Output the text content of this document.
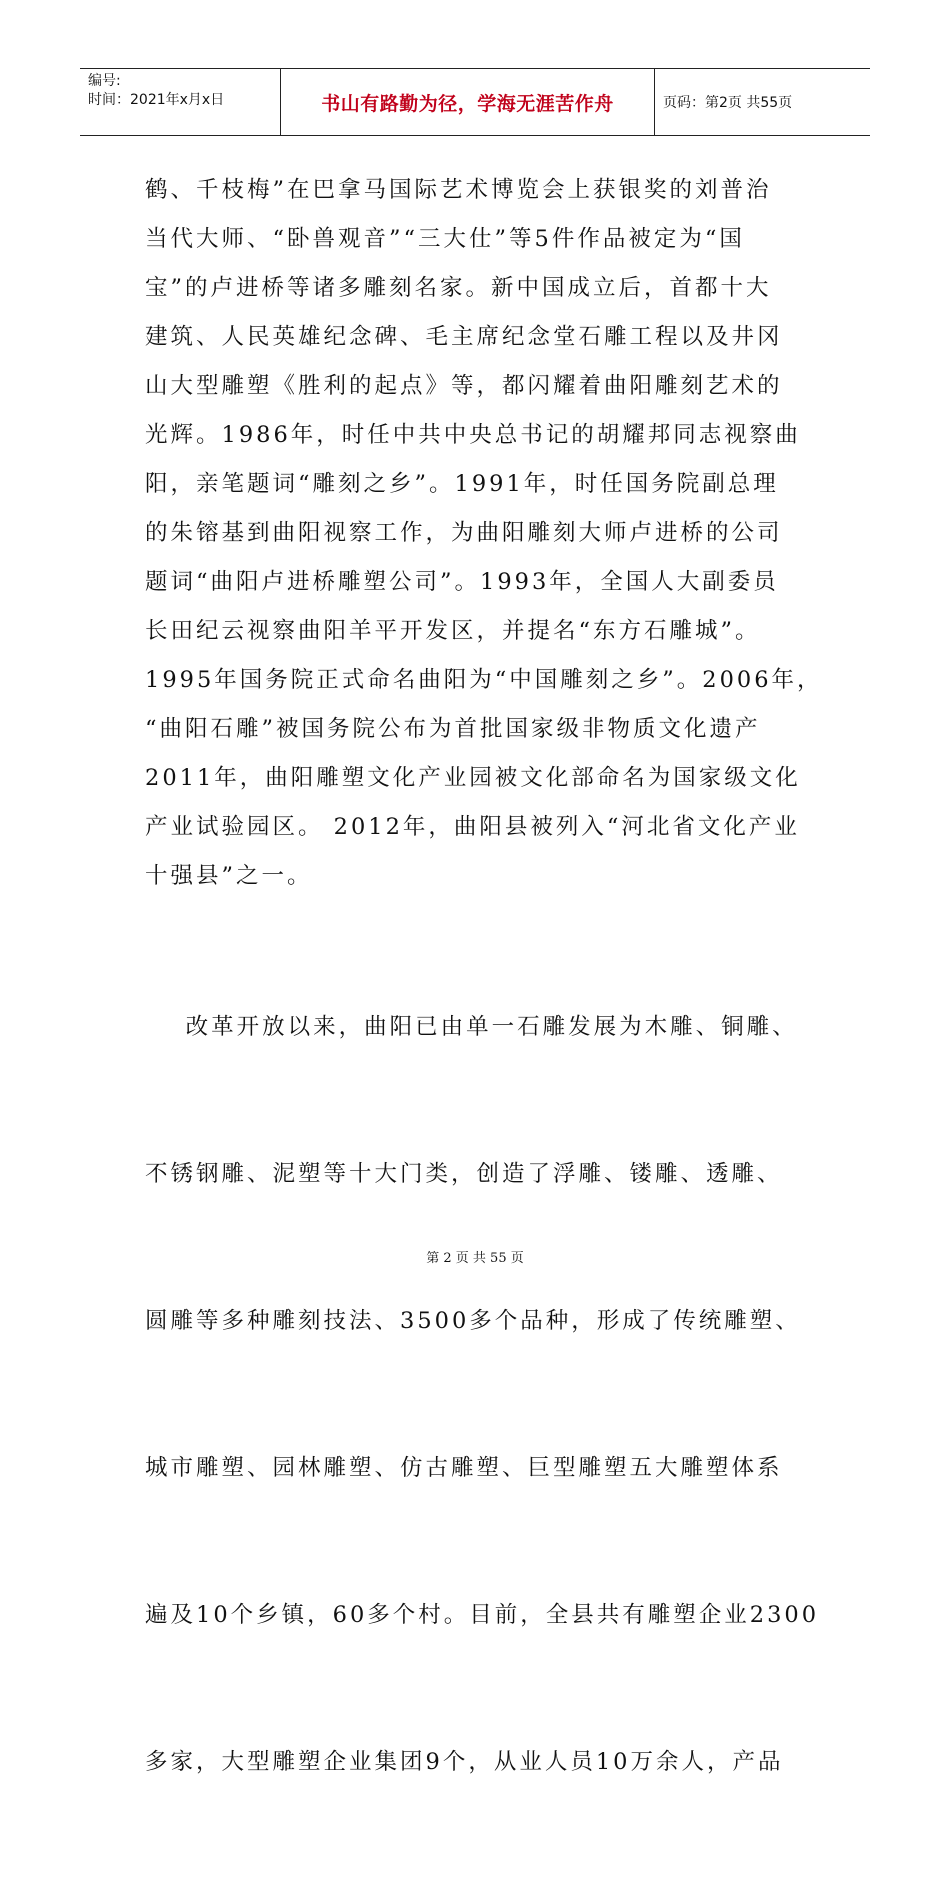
编号:
时间：2021年x月x日	书山有路勤为径，学海无涯苦作舟	页码：第2页 共55页
鹤、千枝梅”在巴拿马国际艺术博览会上获银奖的刘普治
当代大师、“卧兽观音”“三大仕”等5件作品被定为“国
宝”的卢进桥等诸多雕刻名家。新中国成立后，首都十大
建筑、人民英雄纪念碑、毛主席纪念堂石雕工程以及井冈
山大型雕塑《胜利的起点》等，都闪耀着曲阳雕刻艺术的
光辉。1986年，时任中共中央总书记的胡耀邦同志视察曲
阳，亲笔题词“雕刻之乡”。1991年，时任国务院副总理
的朱镕基到曲阳视察工作，为曲阳雕刻大师卢进桥的公司
题词“曲阳卢进桥雕塑公司”。1993年，全国人大副委员
长田纪云视察曲阳羊平开发区，并提名“东方石雕城”。
1995年国务院正式命名曲阳为“中国雕刻之乡”。2006年，
“曲阳石雕”被国务院公布为首批国家级非物质文化遗产
2011年，曲阳雕塑文化产业园被文化部命名为国家级文化
产业试验园区。 2012年，曲阳县被列入“河北省文化产业
十强县”之一。

改革开放以来，曲阳已由单一石雕发展为木雕、铜雕、

不锈钢雕、泥塑等十大门类，创造了浮雕、镂雕、透雕、

圆雕等多种雕刻技法、3500多个品种，形成了传统雕塑、

城市雕塑、园林雕塑、仿古雕塑、巨型雕塑五大雕塑体系

遍及10个乡镇，60多个村。目前，全县共有雕塑企业2300

多家，大型雕塑企业集团9个，从业人员10万余人，产品

第 2 页 共 55 页
